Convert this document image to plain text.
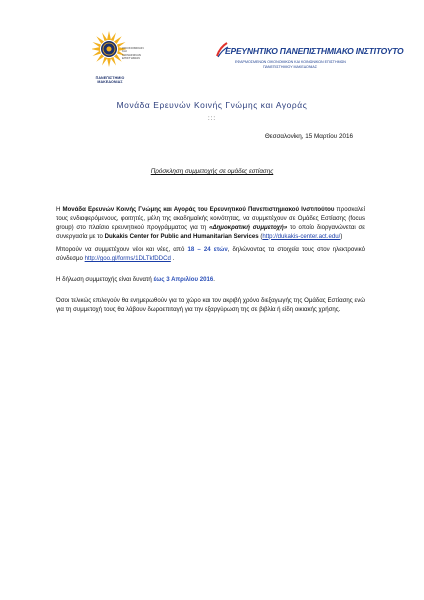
ΟΙΚΟΝΟΜΙΚΩΝ ΚΑΙ ΚΟΙΝΩΝΙΚΩΝ ΕΠΙΣΤΗΜΩΝ
ΠΑΝΕΠΙΣΤΗΜΙΟ
ΜΑΚΕΔΟΝΙΑΣ
ΕΡΕΥΝΗΤΙΚΟ ΠΑΝΕΠΙΣΤΗΜΙΑΚΟ ΙΝΣΤΙΤΟΥΤΟ
ΕΦΑΡΜΟΣΜΕΝΩΝ ΟΙΚΟΝΟΜΙΚΩΝ ΚΑΙ ΚΟΙΝΩΝΙΚΩΝ ΕΠΙΣΤΗΜΩΝ
ΠΑΝΕΠΙΣΤΗΜΙΟΥ ΜΑΚΕΔΟΝΙΑΣ
Μονάδα Ερευνών Κοινής Γνώμης και Αγοράς
:::
Θεσσαλονίκη, 15 Μαρτίου 2016
Πρόσκληση συμμετοχής σε ομάδες εστίασης
Η Μονάδα Ερευνών Κοινής Γνώμης και Αγοράς του Ερευνητικού Πανεπιστημιακού Ινστιτούτου προσκαλεί τους ενδιαφερόμενους, φοιτητές, μέλη της ακαδημαϊκής κοινότητας, να συμμετέχουν σε Ομάδες Εστίασης (focus group) στο πλαίσιο ερευνητικού προγράμματος για τη «Δημοκρατική συμμετοχή» το οποίο διοργανώνεται σε συνεργασία με το Dukakis Center for Public and Humanitarian Services (http://dukakis-center.act.edu/)
Μπορούν να συμμετέχουν νέοι και νέες, από 18 – 24 ετών, δηλώνοντας τα στοιχεία τους στον ηλεκτρονικό σύνδεσμο http://goo.gl/forms/1DLTkfDDCd .
Η δήλωση συμμετοχής είναι δυνατή έως 3 Απριλίου 2016.
Όσοι τελικώς επιλεγούν θα ενημερωθούν για το χώρο και τον ακριβή χρόνο διεξαγωγής της Ομάδας Εστίασης ενώ για τη συμμετοχή τους θα λάβουν δωροεπιταγή για την εξαργύρωση της σε βιβλία ή είδη οικιακής χρήσης.
